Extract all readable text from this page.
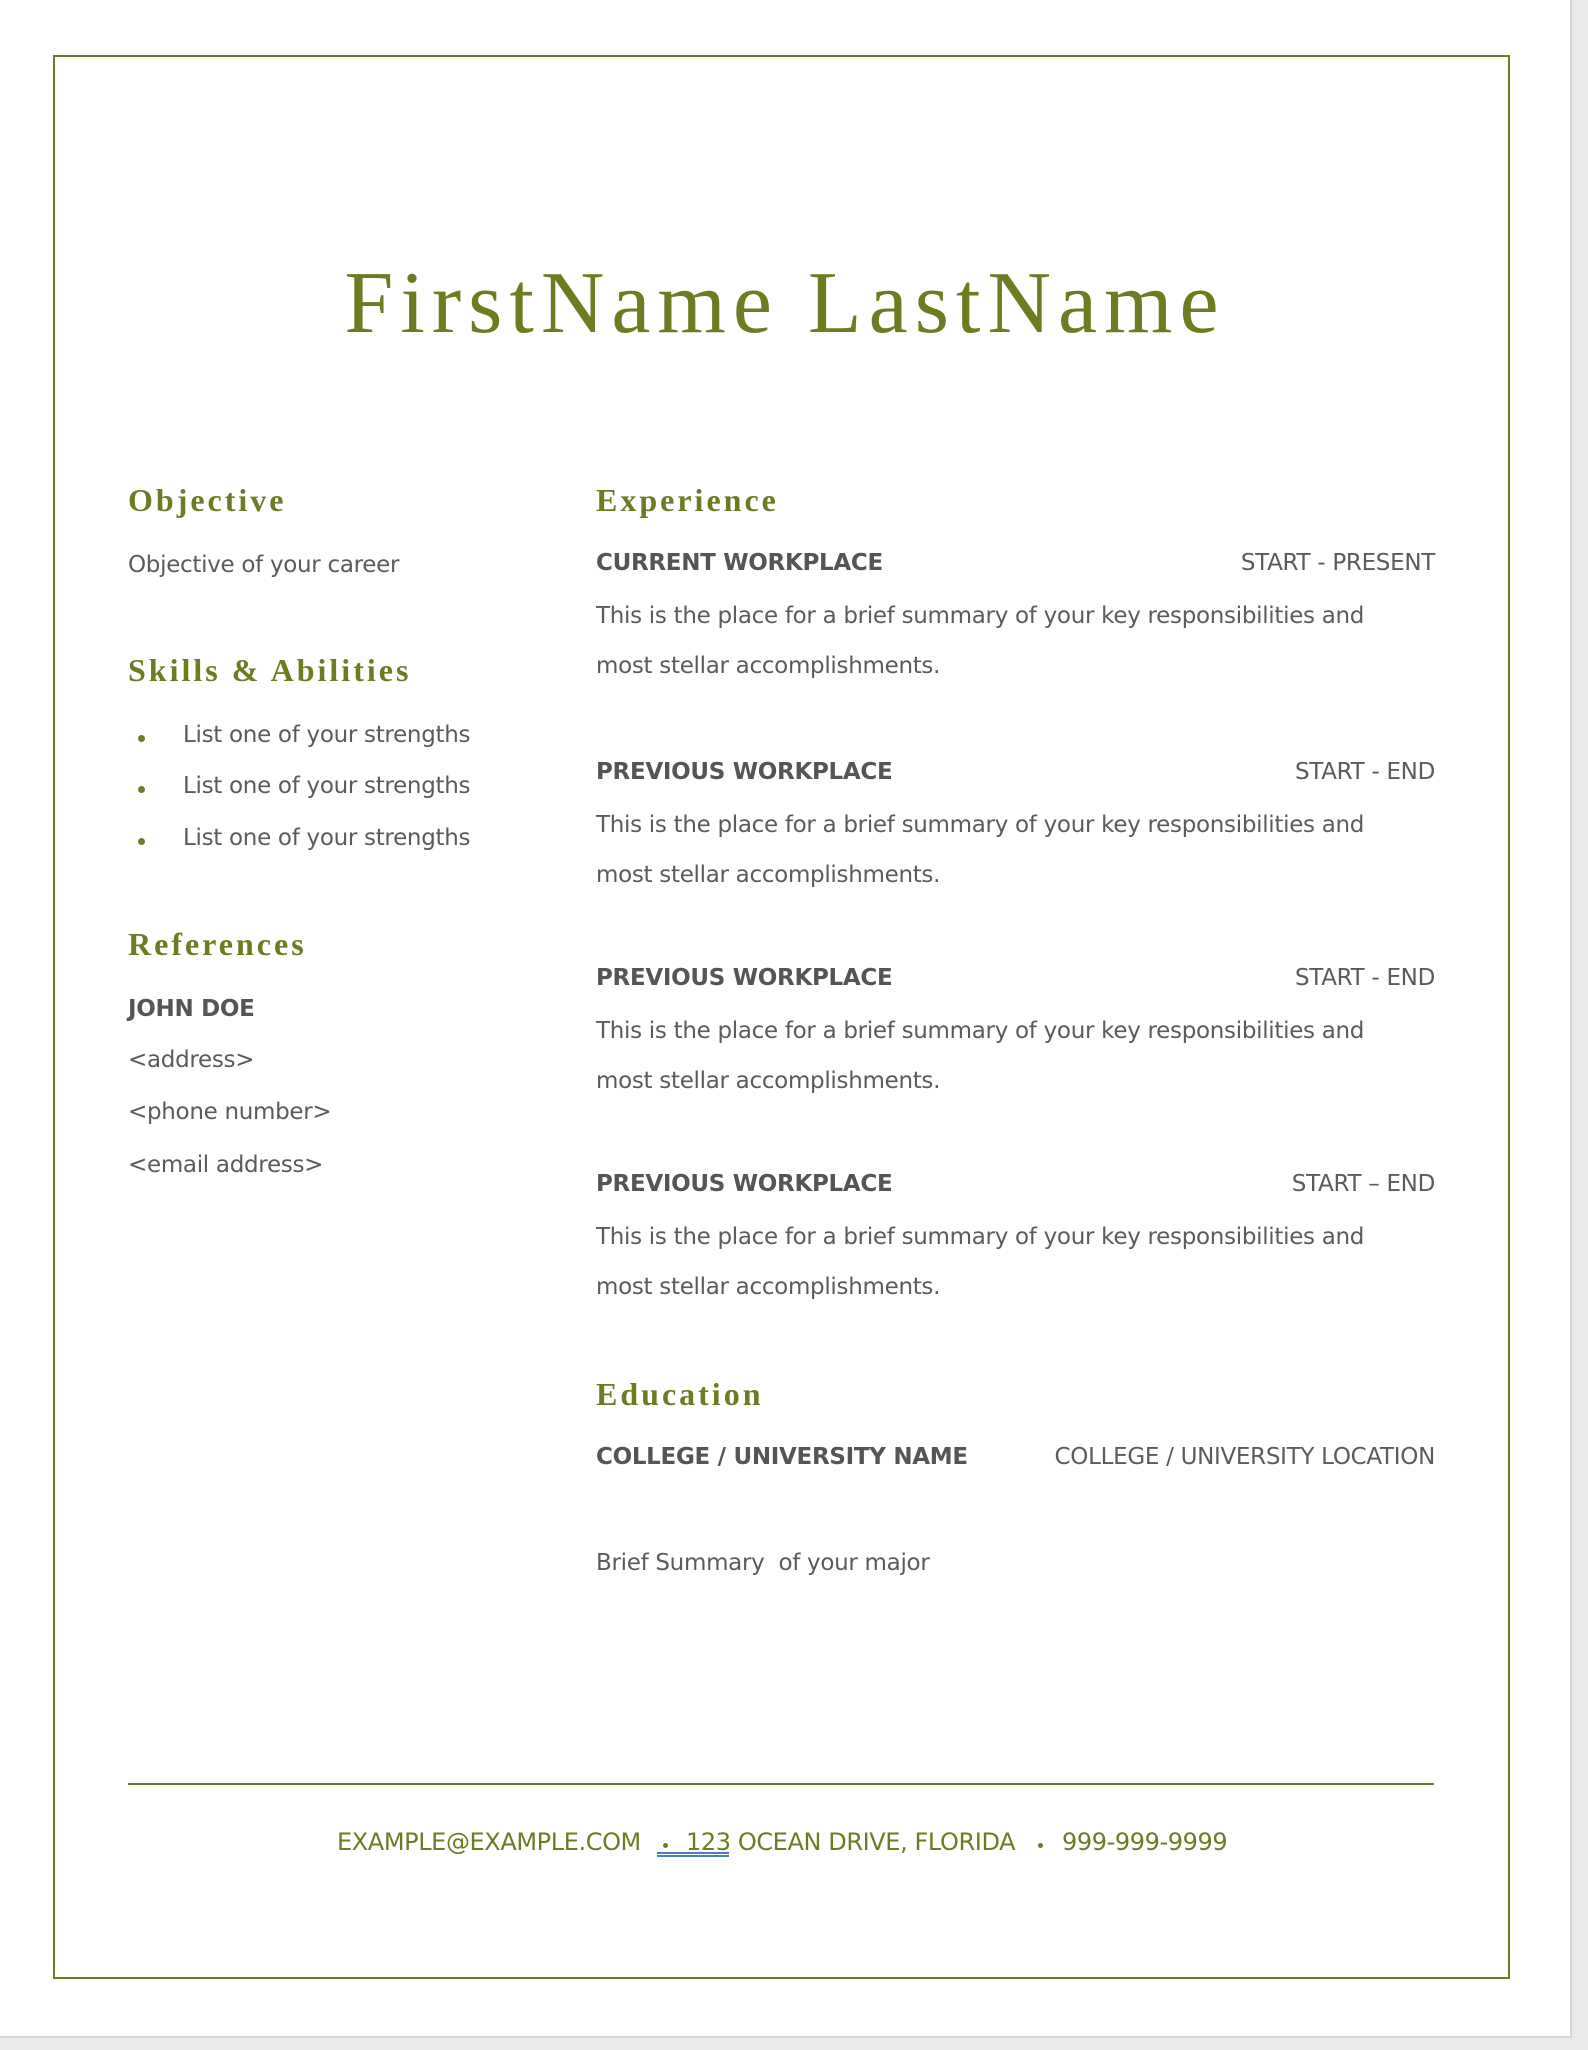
FirstName LastName
Objective
Objective of your career
Skills & Abilities
List one of your strengths
List one of your strengths
List one of your strengths
References
JOHN DOE
<address>
<phone number>
<email address>
Experience
CURRENT WORKPLACE	START - PRESENT
This is the place for a brief summary of your key responsibilities and
most stellar accomplishments.
PREVIOUS WORKPLACE	START - END
This is the place for a brief summary of your key responsibilities and
most stellar accomplishments.
PREVIOUS WORKPLACE	START - END
This is the place for a brief summary of your key responsibilities and
most stellar accomplishments.
PREVIOUS WORKPLACE	START – END
This is the place for a brief summary of your key responsibilities and
most stellar accomplishments.
Education
COLLEGE / UNIVERSITY NAME	COLLEGE / UNIVERSITY LOCATION
Brief Summary  of your major
EXAMPLE@EXAMPLE.COM 123 OCEAN DRIVE, FLORIDA 999-999-9999
